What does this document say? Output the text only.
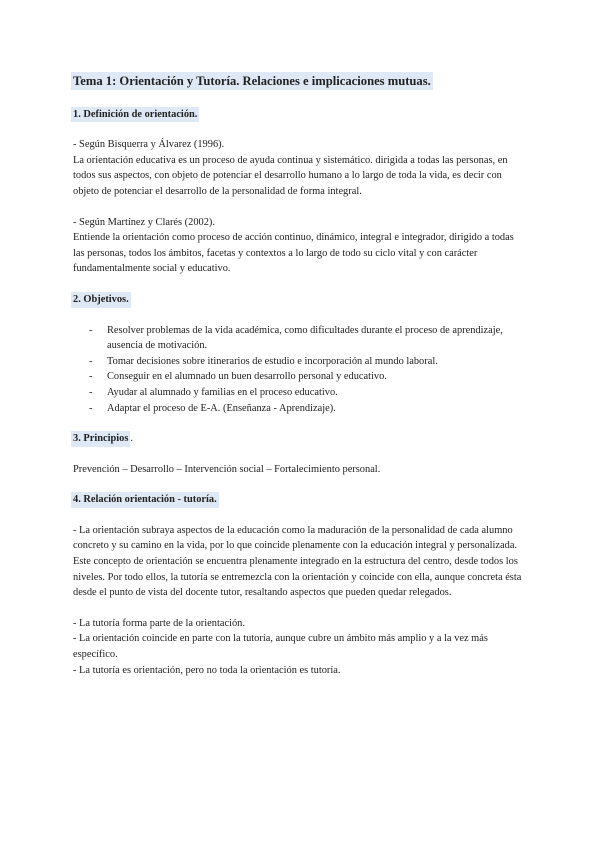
Tema 1: Orientación y Tutoría. Relaciones e implicaciones mutuas.

1. Definición de orientación.

- Según Bisquerra y Álvarez (1996).

La orientación educativa es un proceso de ayuda continua y sistemático. dirigida a todas las personas, en todos sus aspectos, con objeto de potenciar el desarrollo humano a lo largo de toda la vida, es decir con objeto de potenciar el desarrollo de la personalidad de forma integral.

- Según Martínez y Clarés (2002).

Entiende la orientación como proceso de acción continuo, dinámico, integral e integrador, dirigido a todas las personas, todos los ámbitos, facetas y contextos a lo largo de todo su ciclo vital y con carácter fundamentalmente social y educativo.

2. Objetivos.

- Resolver problemas de la vida académica, como dificultades durante el proceso de aprendizaje, ausencia de motivación.
- Tomar decisiones sobre itinerarios de estudio e incorporación al mundo laboral.
- Conseguir en el alumnado un buen desarrollo personal y educativo.
- Ayudar al alumnado y familias en el proceso educativo.
- Adaptar el proceso de E-A. (Enseñanza - Aprendizaje).

3. Principios .

Prevención – Desarrollo – Intervención social – Fortalecimiento personal.

4. Relación orientación - tutoría.

- La orientación subraya aspectos de la educación como la maduración de la personalidad de cada alumno concreto y su camino en la vida, por lo que coincide plenamente con la educación integral y personalizada. Este concepto de orientación se encuentra plenamente integrado en la estructura del centro, desde todos los niveles. Por todo ellos, la tutoría se entremezcla con la orientación y coincide con ella, aunque concreta ésta desde el punto de vista del docente tutor, resaltando aspectos que pueden quedar relegados.

- La tutoría forma parte de la orientación.

- La orientación coincide en parte con la tutoría, aunque cubre un ámbito más amplio y a la vez más específico.

- La tutoría es orientación, pero no toda la orientación es tutoría.
